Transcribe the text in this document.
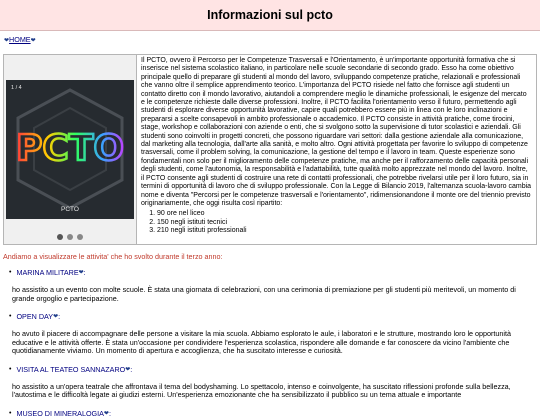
Informazioni sul pcto
❤HOME❤
1 / 4
PCTO
PCTO

Il PCTO, ovvero il Percorso per le Competenze Trasversali e l'Orientamento, è un'importante opportunità formativa che si inserisce nel sistema scolastico italiano, in particolare nelle scuole secondarie di secondo grado. Esso ha come obiettivo principale quello di preparare gli studenti al mondo del lavoro, sviluppando competenze pratiche, relazionali e professionali che vanno oltre il semplice apprendimento teorico. L'importanza del PCTO risiede nel fatto che fornisce agli studenti un contatto diretto con il mondo lavorativo, aiutandoli a comprendere meglio le dinamiche professionali, le esigenze del mercato e le competenze richieste dalle diverse professioni. Inoltre, il PCTO facilita l'orientamento verso il futuro, permettendo agli studenti di esplorare diverse opportunità lavorative, capire quali potrebbero essere più in linea con le loro inclinazioni e prepararsi a scelte consapevoli in ambito professionale o accademico. Il PCTO consiste in attività pratiche, come tirocini, stage, workshop e collaborazioni con aziende o enti, che si svolgono sotto la supervisione di tutor scolastici e aziendali. Gli studenti sono coinvolti in progetti concreti, che possono riguardare vari settori: dalla gestione aziendale alla comunicazione, dal marketing alla tecnologia, dall'arte alla sanità, e molto altro. Ogni attività progettata per favorire lo sviluppo di competenze trasversali, come il problem solving, la comunicazione, la gestione del tempo e il lavoro in team. Queste esperienze sono fondamentali non solo per il miglioramento delle competenze pratiche, ma anche per il rafforzamento delle capacità personali degli studenti, come l'autonomia, la responsabilità e l'adattabilità, tutte qualità molto apprezzate nel mondo del lavoro. Inoltre, il PCTO consente agli studenti di costruire una rete di contatti professionali, che potrebbe rivelarsi utile per il loro futuro, sia in termini di opportunità di lavoro che di sviluppo professionale. Con la Legge di Bilancio 2019, l'alternanza scuola-lavoro cambia nome e diventa "Percorsi per le competenze trasversali e l'orientamento", ridimensionandone il monte ore del triennio previsto originariamente, che oggi risulta così ripartito:

1. 90 ore nel liceo
2. 150 negli istituti tecnici
3. 210 negli istituti professionali

Andiamo a visualizzare le attivita' che ho svolto durante il terzo anno:

• MARINA MILITARE ❤ :

ho assistito a un evento con molte scuole. È stata una giornata di celebrazioni, con una cerimonia di premiazione per gli studenti più meritevoli, un momento di grande orgoglio e partecipazione.

• OPEN DAY ❤ :

ho avuto il piacere di accompagnare delle persone a visitare la mia scuola. Abbiamo esplorato le aule, i laboratori e le strutture, mostrando loro le opportunità educative e le attività offerte. È stata un'occasione per condividere l'esperienza scolastica, rispondere alle domande e far conoscere da vicino l'ambiente che quotidianamente viviamo. Un momento di apertura e accoglienza, che ha suscitato interesse e curiosità.

• VISITA AL TEATEO SANNAZARO ❤ :

ho assistito a un'opera teatrale che affrontava il tema del bodyshaming. Lo spettacolo, intenso e coinvolgente, ha suscitato riflessioni profonde sulla bellezza, l'autostima e le difficoltà legate ai giudizi esterni. Un'esperienza emozionante che ha sensibilizzato il pubblico su un tema attuale e importante

• MUSEO DI MINERALOGIA ❤ :
